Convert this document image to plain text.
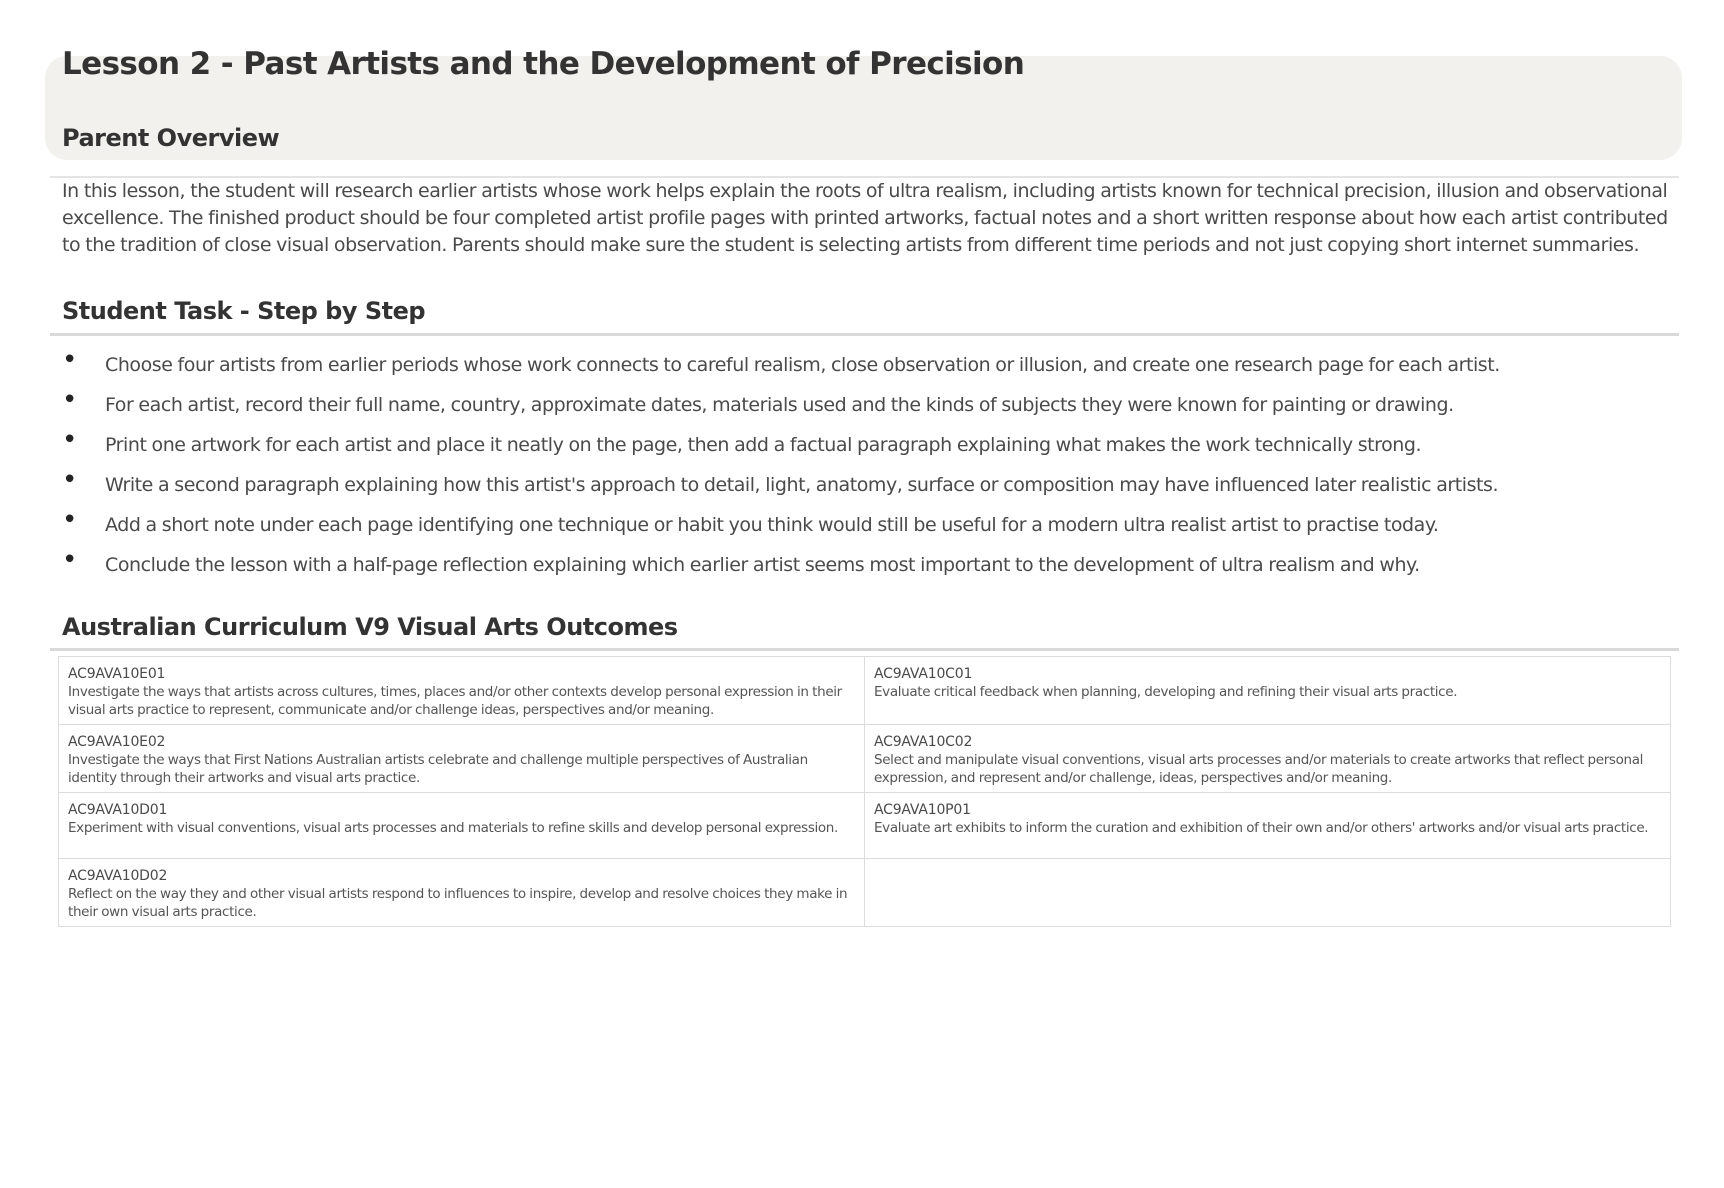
Lesson 2 - Past Artists and the Development of Precision
Parent Overview

In this lesson, the student will research earlier artists whose work helps explain the roots of ultra realism, including artists known for technical precision, illusion and observational excellence. The finished product should be four completed artist profile pages with printed artworks, factual notes and a short written response about how each artist contributed to the tradition of close visual observation. Parents should make sure the student is selecting artists from different time periods and not just copying short internet summaries.

Student Task - Step by Step
• Choose four artists from earlier periods whose work connects to careful realism, close observation or illusion, and create one research page for each artist.
• For each artist, record their full name, country, approximate dates, materials used and the kinds of subjects they were known for painting or drawing.
• Print one artwork for each artist and place it neatly on the page, then add a factual paragraph explaining what makes the work technically strong.
• Write a second paragraph explaining how this artist's approach to detail, light, anatomy, surface or composition may have influenced later realistic artists.
• Add a short note under each page identifying one technique or habit you think would still be useful for a modern ultra realist artist to practise today.
• Conclude the lesson with a half-page reflection explaining which earlier artist seems most important to the development of ultra realism and why.
Australian Curriculum V9 Visual Arts Outcomes
AC9AVA10E01
Investigate the ways that artists across cultures, times, places and/or other contexts develop personal expression in their visual arts practice to represent, communicate and/or challenge ideas, perspectives and/or meaning.	AC9AVA10C01
Evaluate critical feedback when planning, developing and refining their visual arts practice.

AC9AVA10E02
Investigate the ways that First Nations Australian artists celebrate and challenge multiple perspectives of Australian identity through their artworks and visual arts practice.	AC9AVA10C02
Select and manipulate visual conventions, visual arts processes and/or materials to create artworks that reflect personal expression, and represent and/or challenge, ideas, perspectives and/or meaning.

AC9AVA10D01
Experiment with visual conventions, visual arts processes and materials to refine skills and develop personal expression.	AC9AVA10P01
Evaluate art exhibits to inform the curation and exhibition of their own and/or others' artworks and/or visual arts practice.

AC9AVA10D02
Reflect on the way they and other visual artists respond to influences to inspire, develop and resolve choices they make in their own visual arts practice.	
